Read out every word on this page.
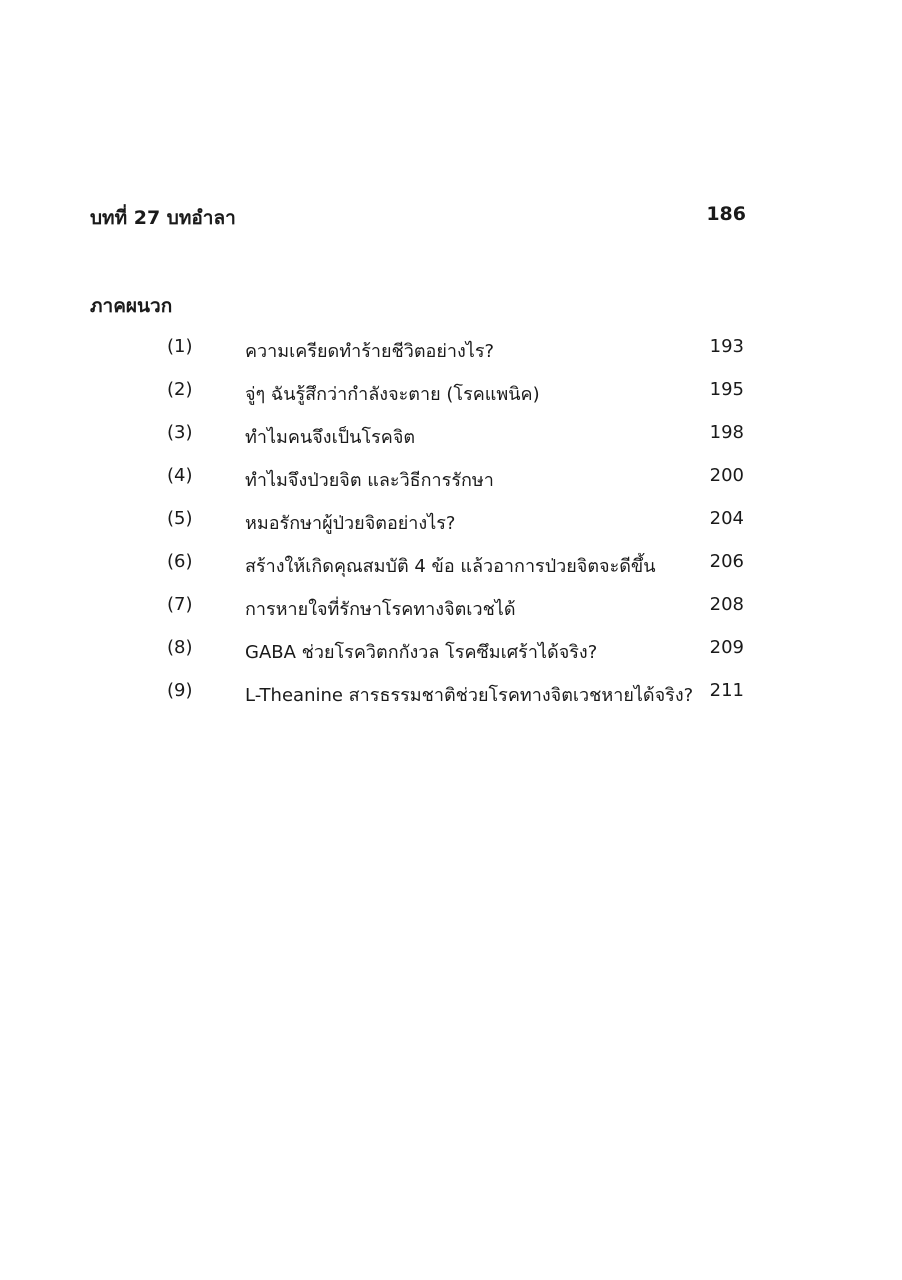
บทที่ 27 บทอำลา	186
ภาคผนวก
(1)	ความเครียดทำร้ายชีวิตอย่างไร?	193
(2)	จู่ๆ ฉันรู้สึกว่ากำลังจะตาย (โรคแพนิค)	195
(3)	ทำไมคนจึงเป็นโรคจิต	198
(4)	ทำไมจึงป่วยจิต และวิธีการรักษา	200
(5)	หมอรักษาผู้ป่วยจิตอย่างไร?	204
(6)	สร้างให้เกิดคุณสมบัติ 4 ข้อ แล้วอาการป่วยจิตจะดีขึ้น	206
(7)	การหายใจที่รักษาโรคทางจิตเวชได้	208
(8)	GABA ช่วยโรควิตกกังวล โรคซึมเศร้าได้จริง?	209
(9)	L-Theanine สารธรรมชาติช่วยโรคทางจิตเวชหายได้จริง? 211
